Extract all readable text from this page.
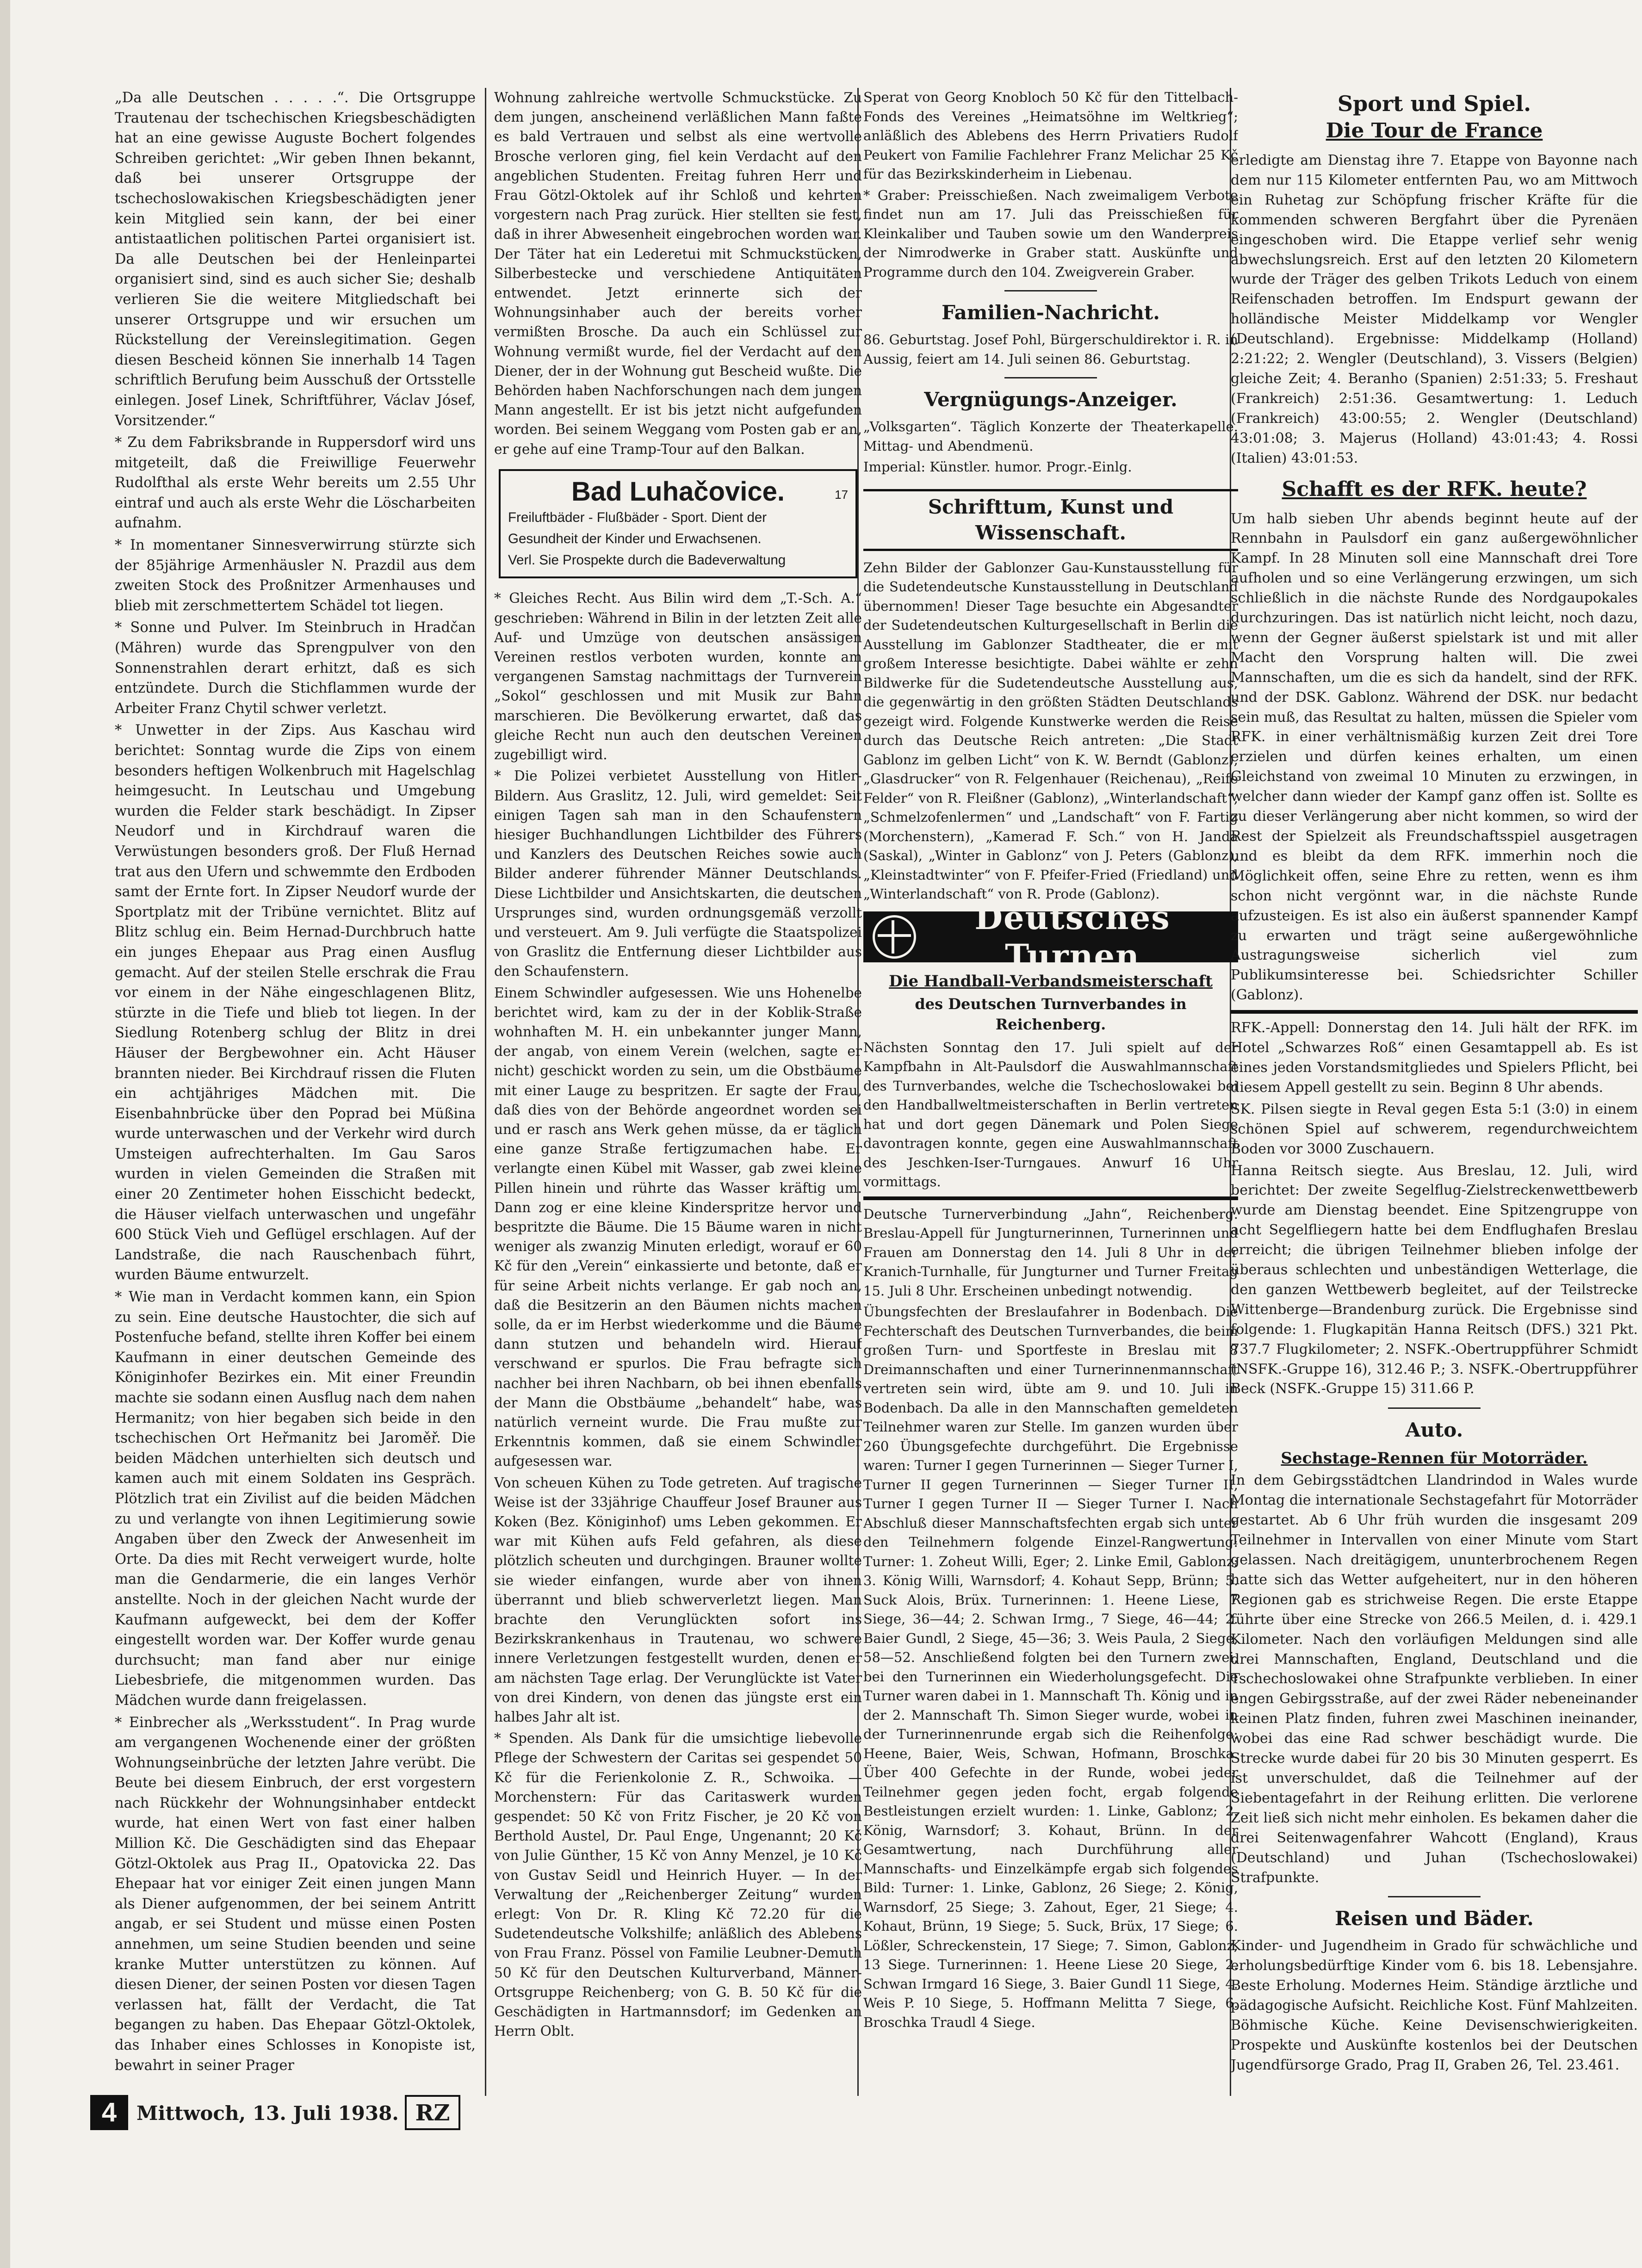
„Da alle Deutschen . . . . .“. Die Ortsgruppe Trautenau der tschechischen Kriegsbeschädigten hat an eine gewisse Auguste Bochert folgendes Schreiben gerichtet: „Wir geben Ihnen bekannt, daß bei unserer Ortsgruppe der tschechoslowakischen Kriegsbeschädigten jener kein Mitglied sein kann, der bei einer antistaatlichen politischen Partei organisiert ist. Da alle Deutschen bei der Henleinpartei organisiert sind, sind es auch sicher Sie; deshalb verlieren Sie die weitere Mitgliedschaft bei unserer Ortsgruppe und wir ersuchen um Rückstellung der Vereinslegitimation. Gegen diesen Bescheid können Sie innerhalb 14 Tagen schriftlich Berufung beim Ausschuß der Ortsstelle einlegen. Josef Linek, Schriftführer, Václav Jósef, Vorsitzender.“

* Zu dem Fabriksbrande in Ruppersdorf wird uns mitgeteilt, daß die Freiwillige Feuerwehr Rudolfthal als erste Wehr bereits um 2.55 Uhr eintraf und auch als erste Wehr die Löscharbeiten aufnahm.

* In momentaner Sinnesverwirrung stürzte sich der 85jährige Armenhäusler N. Prazdil aus dem zweiten Stock des Proßnitzer Armenhauses und blieb mit zerschmettertem Schädel tot liegen.

* Sonne und Pulver. Im Steinbruch in Hradčan (Mähren) wurde das Sprengpulver von den Sonnenstrahlen derart erhitzt, daß es sich entzündete. Durch die Stichflammen wurde der Arbeiter Franz Chytil schwer verletzt.

* Unwetter in der Zips. Aus Kaschau wird berichtet: Sonntag wurde die Zips von einem besonders heftigen Wolkenbruch mit Hagelschlag heimgesucht. In Leutschau und Umgebung wurden die Felder stark beschädigt. In Zipser Neudorf und in Kirchdrauf waren die Verwüstungen besonders groß. Der Fluß Hernad trat aus den Ufern und schwemmte den Erdboden samt der Ernte fort. In Zipser Neudorf wurde der Sportplatz mit der Tribüne vernichtet. Blitz auf Blitz schlug ein. Beim Hernad-Durchbruch hatte ein junges Ehepaar aus Prag einen Ausflug gemacht. Auf der steilen Stelle erschrak die Frau vor einem in der Nähe eingeschlagenen Blitz, stürzte in die Tiefe und blieb tot liegen. In der Siedlung Rotenberg schlug der Blitz in drei Häuser der Bergbewohner ein. Acht Häuser brannten nieder. Bei Kirchdrauf rissen die Fluten ein achtjähriges Mädchen mit. Die Eisenbahnbrücke über den Poprad bei Müßina wurde unterwaschen und der Verkehr wird durch Umsteigen aufrechterhalten. Im Gau Saros wurden in vielen Gemeinden die Straßen mit einer 20 Zentimeter hohen Eisschicht bedeckt, die Häuser vielfach unterwaschen und ungefähr 600 Stück Vieh und Geflügel erschlagen. Auf der Landstraße, die nach Rauschenbach führt, wurden Bäume entwurzelt.

* Wie man in Verdacht kommen kann, ein Spion zu sein. Eine deutsche Haustochter, die sich auf Postenfuche befand, stellte ihren Koffer bei einem Kaufmann in einer deutschen Gemeinde des Königinhofer Bezirkes ein. Mit einer Freundin machte sie sodann einen Ausflug nach dem nahen Hermanitz; von hier begaben sich beide in den tschechischen Ort Heřmanitz bei Jaroměř. Die beiden Mädchen unterhielten sich deutsch und kamen auch mit einem Soldaten ins Gespräch. Plötzlich trat ein Zivilist auf die beiden Mädchen zu und verlangte von ihnen Legitimierung sowie Angaben über den Zweck der Anwesenheit im Orte. Da dies mit Recht verweigert wurde, holte man die Gendarmerie, die ein langes Verhör anstellte. Noch in der gleichen Nacht wurde der Kaufmann aufgeweckt, bei dem der Koffer eingestellt worden war. Der Koffer wurde genau durchsucht; man fand aber nur einige Liebesbriefe, die mitgenommen wurden. Das Mädchen wurde dann freigelassen.

* Einbrecher als „Werksstudent“. In Prag wurde am vergangenen Wochenende einer der größten Wohnungseinbrüche der letzten Jahre verübt. Die Beute bei diesem Einbruch, der erst vorgestern nach Rückkehr der Wohnungsinhaber entdeckt wurde, hat einen Wert von fast einer halben Million Kč. Die Geschädigten sind das Ehepaar Götzl-Oktolek aus Prag II., Opatovicka 22. Das Ehepaar hat vor einiger Zeit einen jungen Mann als Diener aufgenommen, der bei seinem Antritt angab, er sei Student und müsse einen Posten annehmen, um seine Studien beenden und seine kranke Mutter unterstützen zu können. Auf diesen Diener, der seinen Posten vor diesen Tagen verlassen hat, fällt der Verdacht, die Tat begangen zu haben. Das Ehepaar Götzl-Oktolek, das Inhaber eines Schlosses in Konopiste ist, bewahrt in seiner Prager

Wohnung zahlreiche wertvolle Schmuckstücke. Zu dem jungen, anscheinend verläßlichen Mann faßte es bald Vertrauen und selbst als eine wertvolle Brosche verloren ging, fiel kein Verdacht auf den angeblichen Studenten. Freitag fuhren Herr und Frau Götzl-Oktolek auf ihr Schloß und kehrten vorgestern nach Prag zurück. Hier stellten sie fest, daß in ihrer Abwesenheit eingebrochen worden war. Der Täter hat ein Lederetui mit Schmuckstücken, Silberbestecke und verschiedene Antiquitäten entwendet. Jetzt erinnerte sich der Wohnungsinhaber auch der bereits vorher vermißten Brosche. Da auch ein Schlüssel zur Wohnung vermißt wurde, fiel der Verdacht auf den Diener, der in der Wohnung gut Bescheid wußte. Die Behörden haben Nachforschungen nach dem jungen Mann angestellt. Er ist bis jetzt nicht aufgefunden worden. Bei seinem Weggang vom Posten gab er an, er gehe auf eine Tramp-Tour auf den Balkan.

Bad Luhačovice.	17

Freiluftbäder - Flußbäder - Sport. Dient der

Gesundheit der Kinder und Erwachsenen.

Verl. Sie Prospekte durch die Badeverwaltung

* Gleiches Recht. Aus Bilin wird dem „T.-Sch. A.“ geschrieben: Während in Bilin in der letzten Zeit alle Auf- und Umzüge von deutschen ansässigen Vereinen restlos verboten wurden, konnte am vergangenen Samstag nachmittags der Turnverein „Sokol“ geschlossen und mit Musik zur Bahn marschieren. Die Bevölkerung erwartet, daß das gleiche Recht nun auch den deutschen Vereinen zugebilligt wird.

* Die Polizei verbietet Ausstellung von Hitler-Bildern. Aus Graslitz, 12. Juli, wird gemeldet: Seit einigen Tagen sah man in den Schaufenstern hiesiger Buchhandlungen Lichtbilder des Führers und Kanzlers des Deutschen Reiches sowie auch Bilder anderer führender Männer Deutschlands. Diese Lichtbilder und Ansichtskarten, die deutschen Ursprunges sind, wurden ordnungsgemäß verzollt und versteuert. Am 9. Juli verfügte die Staatspolizei von Graslitz die Entfernung dieser Lichtbilder aus den Schaufenstern.

Einem Schwindler aufgesessen. Wie uns Hohenelbe berichtet wird, kam zu der in der Koblik-Straße wohnhaften M. H. ein unbekannter junger Mann, der angab, von einem Verein (welchen, sagte er nicht) geschickt worden zu sein, um die Obstbäume mit einer Lauge zu bespritzen. Er sagte der Frau, daß dies von der Behörde angeordnet worden sei und er rasch ans Werk gehen müsse, da er täglich eine ganze Straße fertigzumachen habe. Er verlangte einen Kübel mit Wasser, gab zwei kleine Pillen hinein und rührte das Wasser kräftig um. Dann zog er eine kleine Kinderspritze hervor und bespritzte die Bäume. Die 15 Bäume waren in nicht weniger als zwanzig Minuten erledigt, worauf er 60 Kč für den „Verein“ einkassierte und betonte, daß er für seine Arbeit nichts verlange. Er gab noch an, daß die Besitzerin an den Bäumen nichts machen solle, da er im Herbst wiederkomme und die Bäume dann stutzen und behandeln wird. Hierauf verschwand er spurlos. Die Frau befragte sich nachher bei ihren Nachbarn, ob bei ihnen ebenfalls der Mann die Obstbäume „behandelt“ habe, was natürlich verneint wurde. Die Frau mußte zur Erkenntnis kommen, daß sie einem Schwindler aufgesessen war.

Von scheuen Kühen zu Tode getreten. Auf tragische Weise ist der 33jährige Chauffeur Josef Brauner aus Koken (Bez. Königinhof) ums Leben gekommen. Er war mit Kühen aufs Feld gefahren, als diese plötzlich scheuten und durchgingen. Brauner wollte sie wieder einfangen, wurde aber von ihnen überrannt und blieb schwerverletzt liegen. Man brachte den Verunglückten sofort ins Bezirkskrankenhaus in Trautenau, wo schwere innere Verletzungen festgestellt wurden, denen er am nächsten Tage erlag. Der Verunglückte ist Vater von drei Kindern, von denen das jüngste erst ein halbes Jahr alt ist.

* Spenden. Als Dank für die umsichtige liebevolle Pflege der Schwestern der Caritas sei gespendet 50 Kč für die Ferienkolonie Z. R., Schwoika. — Morchenstern: Für das Caritaswerk wurden gespendet: 50 Kč von Fritz Fischer, je 20 Kč von Berthold Austel, Dr. Paul Enge, Ungenannt; 20 Kč von Julie Günther, 15 Kč von Anny Menzel, je 10 Kč von Gustav Seidl und Heinrich Huyer. — In der Verwaltung der „Reichenberger Zeitung“ wurden erlegt: Von Dr. R. Kling Kč 72.20 für die Sudetendeutsche Volkshilfe; anläßlich des Ablebens von Frau Franz. Pössel von Familie Leubner-Demuth 50 Kč für den Deutschen Kulturverband, Männer-Ortsgruppe Reichenberg; von G. B. 50 Kč für die Geschädigten in Hartmannsdorf; im Gedenken an Herrn Oblt.

Sperat von Georg Knobloch 50 Kč für den Tittelbach-Fonds des Vereines „Heimatsöhne im Weltkrieg“; anläßlich des Ablebens des Herrn Privatiers Rudolf Peukert von Familie Fachlehrer Franz Melichar 25 Kč für das Bezirkskinderheim in Liebenau.

* Graber: Preisschießen. Nach zweimaligem Verbote findet nun am 17. Juli das Preisschießen für Kleinkaliber und Tauben sowie um den Wanderpreis der Nimrodwerke in Graber statt. Auskünfte und Programme durch den 104. Zweigverein Graber.

Familien-Nachricht.

86. Geburtstag. Josef Pohl, Bürgerschuldirektor i. R. in Aussig, feiert am 14. Juli seinen 86. Geburtstag.

Vergnügungs-Anzeiger.

„Volksgarten“. Täglich Konzerte der Theaterkapelle. Mittag- und Abendmenü.

Imperial: Künstler. humor. Progr.-Einlg.

Schrifttum, Kunst und Wissenschaft.

Zehn Bilder der Gablonzer Gau-Kunstausstellung für die Sudetendeutsche Kunstausstellung in Deutschland übernommen! Dieser Tage besuchte ein Abgesandter der Sudetendeutschen Kulturgesellschaft in Berlin die Ausstellung im Gablonzer Stadtheater, die er mit großem Interesse besichtigte. Dabei wählte er zehn Bildwerke für die Sudetendeutsche Ausstellung aus, die gegenwärtig in den größten Städten Deutschlands gezeigt wird. Folgende Kunstwerke werden die Reise durch das Deutsche Reich antreten: „Die Stadt Gablonz im gelben Licht“ von K. W. Berndt (Gablonz), „Glasdrucker“ von R. Felgenhauer (Reichenau), „Reife Felder“ von R. Fleißner (Gablonz), „Winterlandschaft“, „Schmelzofenlermen“ und „Landschaft“ von F. Fartig (Morchenstern), „Kamerad F. Sch.“ von H. Janda (Saskal), „Winter in Gablonz“ von J. Peters (Gablonz), „Kleinstadtwinter“ von F. Pfeifer-Fried (Friedland) und „Winterlandschaft“ von R. Prode (Gablonz).

Deutsches Turnen
Die Handball-Verbandsmeisterschaft
des Deutschen Turnverbandes in Reichenberg.

Nächsten Sonntag den 17. Juli spielt auf der Kampfbahn in Alt-Paulsdorf die Auswahlmannschaft des Turnverbandes, welche die Tschechoslowakei bei den Handballweltmeisterschaften in Berlin vertreten hat und dort gegen Dänemark und Polen Siege davontragen konnte, gegen eine Auswahlmannschaft des Jeschken-Iser-Turngaues. Anwurf 16 Uhr vormittags.

Deutsche Turnerverbindung „Jahn“, Reichenberg. Breslau-Appell für Jungturnerinnen, Turnerinnen und Frauen am Donnerstag den 14. Juli 8 Uhr in der Kranich-Turnhalle, für Jungturner und Turner Freitag 15. Juli 8 Uhr. Erscheinen unbedingt notwendig.

Übungsfechten der Breslaufahrer in Bodenbach. Die Fechterschaft des Deutschen Turnverbandes, die beim großen Turn- und Sportfeste in Breslau mit 8 Dreimannschaften und einer Turnerinnenmannschaft vertreten sein wird, übte am 9. und 10. Juli in Bodenbach. Da alle in den Mannschaften gemeldeten Teilnehmer waren zur Stelle. Im ganzen wurden über 260 Übungsgefechte durchgeführt. Die Ergebnisse waren: Turner I gegen Turnerinnen — Sieger Turner I, Turner II gegen Turnerinnen — Sieger Turner II, Turner I gegen Turner II — Sieger Turner I. Nach Abschluß dieser Mannschaftsfechten ergab sich unter den Teilnehmern folgende Einzel-Rangwertung: Turner: 1. Zoheut Willi, Eger; 2. Linke Emil, Gablonz; 3. König Willi, Warnsdorf; 4. Kohaut Sepp, Brünn; 5. Suck Alois, Brüx. Turnerinnen: 1. Heene Liese, 7 Siege, 36—44; 2. Schwan Irmg., 7 Siege, 46—44; 2. Baier Gundl, 2 Siege, 45—36; 3. Weis Paula, 2 Siege, 58—52. Anschließend folgten bei den Turnern zwei, bei den Turnerinnen ein Wiederholungsgefecht. Die Turner waren dabei in 1. Mannschaft Th. König und in der 2. Mannschaft Th. Simon Sieger wurde, wobei in der Turnerinnenrunde ergab sich die Reihenfolge: Heene, Baier, Weis, Schwan, Hofmann, Broschka. Über 400 Gefechte in der Runde, wobei jeder Teilnehmer gegen jeden focht, ergab folgende Bestleistungen erzielt wurden: 1. Linke, Gablonz; 2. König, Warnsdorf; 3. Kohaut, Brünn. In der Gesamtwertung, nach Durchführung aller Mannschafts- und Einzelkämpfe ergab sich folgendes Bild: Turner: 1. Linke, Gablonz, 26 Siege; 2. König, Warnsdorf, 25 Siege; 3. Zahout, Eger, 21 Siege; 4. Kohaut, Brünn, 19 Siege; 5. Suck, Brüx, 17 Siege; 6. Lößler, Schreckenstein, 17 Siege; 7. Simon, Gablonz, 13 Siege. Turnerinnen: 1. Heene Liese 20 Siege, 2. Schwan Irmgard 16 Siege, 3. Baier Gundl 11 Siege, 4. Weis P. 10 Siege, 5. Hoffmann Melitta 7 Siege, 6. Broschka Traudl 4 Siege.

Sport und Spiel.
Die Tour de France

erledigte am Dienstag ihre 7. Etappe von Bayonne nach dem nur 115 Kilometer entfernten Pau, wo am Mittwoch ein Ruhetag zur Schöpfung frischer Kräfte für die kommenden schweren Bergfahrt über die Pyrenäen eingeschoben wird. Die Etappe verlief sehr wenig abwechslungsreich. Erst auf den letzten 20 Kilometern wurde der Träger des gelben Trikots Leduch von einem Reifenschaden betroffen. Im Endspurt gewann der holländische Meister Middelkamp vor Wengler (Deutschland). Ergebnisse: Middelkamp (Holland) 2:21:22; 2. Wengler (Deutschland), 3. Vissers (Belgien) gleiche Zeit; 4. Beranho (Spanien) 2:51:33; 5. Freshaut (Frankreich) 2:51:36. Gesamtwertung: 1. Leduch (Frankreich) 43:00:55; 2. Wengler (Deutschland) 43:01:08; 3. Majerus (Holland) 43:01:43; 4. Rossi (Italien) 43:01:53.

Schafft es der RFK. heute?

Um halb sieben Uhr abends beginnt heute auf der Rennbahn in Paulsdorf ein ganz außergewöhnlicher Kampf. In 28 Minuten soll eine Mannschaft drei Tore aufholen und so eine Verlängerung erzwingen, um sich schließlich in die nächste Runde des Nordgaupokales durchzuringen. Das ist natürlich nicht leicht, noch dazu, wenn der Gegner äußerst spielstark ist und mit aller Macht den Vorsprung halten will. Die zwei Mannschaften, um die es sich da handelt, sind der RFK. und der DSK. Gablonz. Während der DSK. nur bedacht sein muß, das Resultat zu halten, müssen die Spieler vom RFK. in einer verhältnismäßig kurzen Zeit drei Tore erzielen und dürfen keines erhalten, um einen Gleichstand von zweimal 10 Minuten zu erzwingen, in welcher dann wieder der Kampf ganz offen ist. Sollte es zu dieser Verlängerung aber nicht kommen, so wird der Rest der Spielzeit als Freundschaftsspiel ausgetragen und es bleibt da dem RFK. immerhin noch die Möglichkeit offen, seine Ehre zu retten, wenn es ihm schon nicht vergönnt war, in die nächste Runde aufzusteigen. Es ist also ein äußerst spannender Kampf zu erwarten und trägt seine außergewöhnliche Austragungsweise sicherlich viel zum Publikumsinteresse bei. Schiedsrichter Schiller (Gablonz).

RFK.-Appell: Donnerstag den 14. Juli hält der RFK. im Hotel „Schwarzes Roß“ einen Gesamtappell ab. Es ist eines jeden Vorstandsmitgliedes und Spielers Pflicht, bei diesem Appell gestellt zu sein. Beginn 8 Uhr abends.

SK. Pilsen siegte in Reval gegen Esta 5:1 (3:0) in einem schönen Spiel auf schwerem, regendurchweichtem Boden vor 3000 Zuschauern.

Hanna Reitsch siegte. Aus Breslau, 12. Juli, wird berichtet: Der zweite Segelflug-Zielstreckenwettbewerb wurde am Dienstag beendet. Eine Spitzengruppe von acht Segelfliegern hatte bei dem Endflughafen Breslau erreicht; die übrigen Teilnehmer blieben infolge der überaus schlechten und unbeständigen Wetterlage, die den ganzen Wettbewerb begleitet, auf der Teilstrecke Wittenberge—Brandenburg zurück. Die Ergebnisse sind folgende: 1. Flugkapitän Hanna Reitsch (DFS.) 321 Pkt. 737.7 Flugkilometer; 2. NSFK.-Obertruppführer Schmidt (NSFK.-Gruppe 16), 312.46 P.; 3. NSFK.-Obertruppführer Beck (NSFK.-Gruppe 15) 311.66 P.

Auto.
Sechstage-Rennen für Motorräder.

In dem Gebirgsstädtchen Llandrindod in Wales wurde Montag die internationale Sechstagefahrt für Motorräder gestartet. Ab 6 Uhr früh wurden die insgesamt 209 Teilnehmer in Intervallen von einer Minute vom Start gelassen. Nach dreitägigem, ununterbrochenem Regen hatte sich das Wetter aufgeheitert, nur in den höheren Regionen gab es strichweise Regen. Die erste Etappe führte über eine Strecke von 266.5 Meilen, d. i. 429.1 Kilometer. Nach den vorläufigen Meldungen sind alle drei Mannschaften, England, Deutschland und die Tschechoslowakei ohne Strafpunkte verblieben. In einer engen Gebirgsstraße, auf der zwei Räder nebeneinander keinen Platz finden, fuhren zwei Maschinen ineinander, wobei das eine Rad schwer beschädigt wurde. Die Strecke wurde dabei für 20 bis 30 Minuten gesperrt. Es ist unverschuldet, daß die Teilnehmer auf der Siebentagefahrt in der Reihung erlitten. Die verlorene Zeit ließ sich nicht mehr einholen. Es bekamen daher die drei Seitenwagenfahrer Wahcott (England), Kraus (Deutschland) und Juhan (Tschechoslowakei) Strafpunkte.

Reisen und Bäder.

Kinder- und Jugendheim in Grado für schwächliche und erholungsbedürftige Kinder vom 6. bis 18. Lebensjahre. Beste Erholung. Modernes Heim. Ständige ärztliche und pädagogische Aufsicht. Reichliche Kost. Fünf Mahlzeiten. Böhmische Küche. Keine Devisenschwierigkeiten. Prospekte und Auskünfte kostenlos bei der Deutschen Jugendfürsorge Grado, Prag II, Graben 26, Tel. 23.461.

4	Mittwoch, 13. Juli 1938. RZ
